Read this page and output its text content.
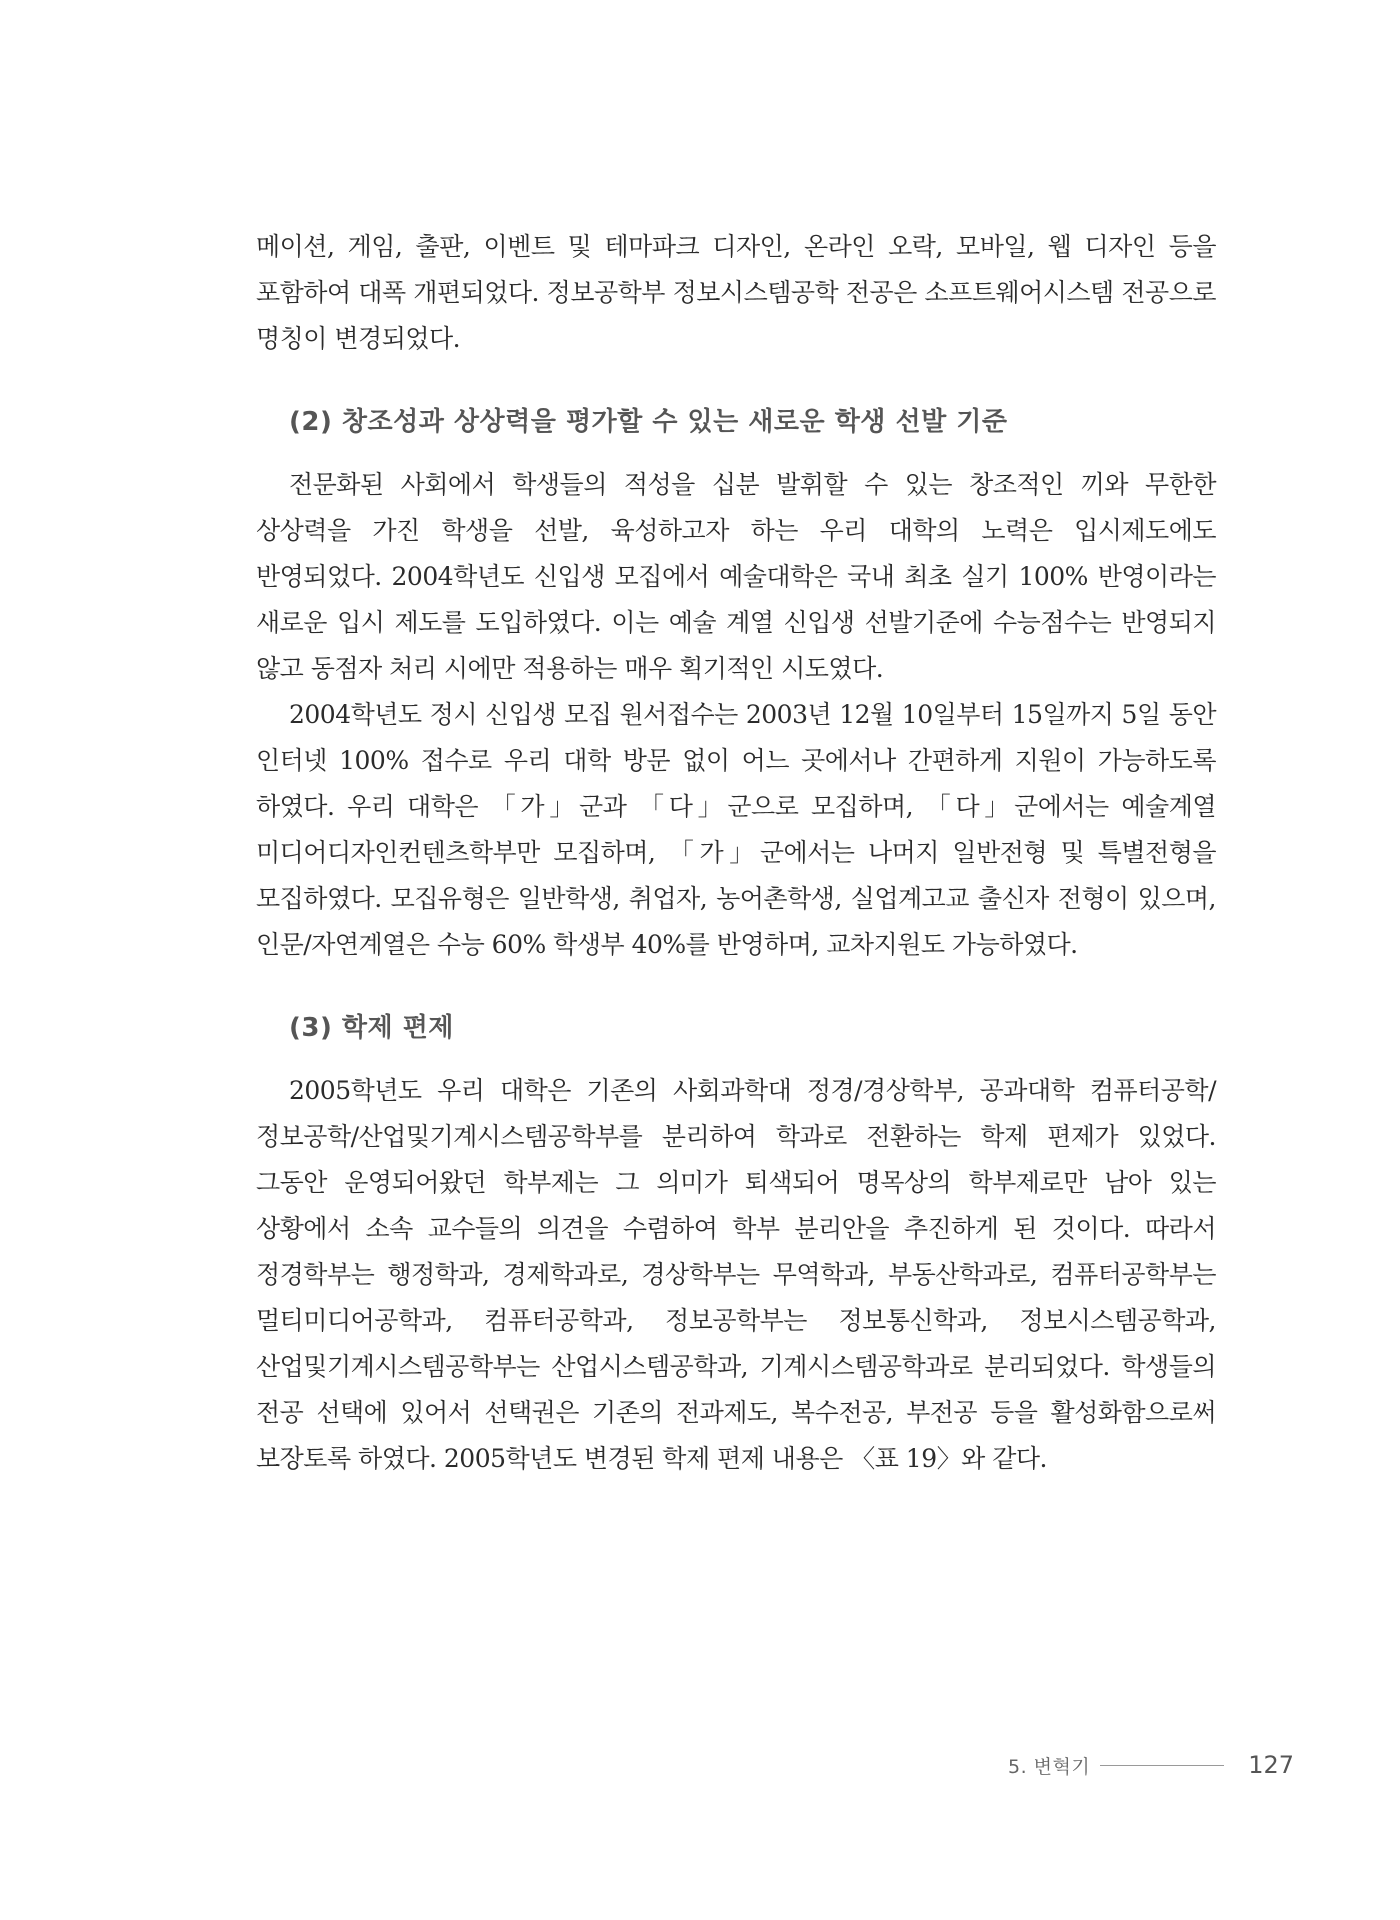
메이션, 게임, 출판, 이벤트 및 테마파크 디자인, 온라인 오락, 모바일, 웹 디자인 등을 포함하여 대폭 개편되었다. 정보공학부 정보시스템공학 전공은 소프트웨어시스템 전공으로 명칭이 변경되었다.

(2) 창조성과 상상력을 평가할 수 있는 새로운 학생 선발 기준

전문화된 사회에서 학생들의 적성을 십분 발휘할 수 있는 창조적인 끼와 무한한 상상력을 가진 학생을 선발, 육성하고자 하는 우리 대학의 노력은 입시제도에도 반영되었다. 2004학년도 신입생 모집에서 예술대학은 국내 최초 실기 100% 반영이라는 새로운 입시 제도를 도입하였다. 이는 예술 계열 신입생 선발기준에 수능점수는 반영되지 않고 동점자 처리 시에만 적용하는 매우 획기적인 시도였다.

2004학년도 정시 신입생 모집 원서접수는 2003년 12월 10일부터 15일까지 5일 동안 인터넷 100% 접수로 우리 대학 방문 없이 어느 곳에서나 간편하게 지원이 가능하도록 하였다. 우리 대학은 「가」군과 「다」군으로 모집하며, 「다」군에서는 예술계열 미디어디자인컨텐츠학부만 모집하며, 「가」군에서는 나머지 일반전형 및 특별전형을 모집하였다. 모집유형은 일반학생, 취업자, 농어촌학생, 실업계고교 출신자 전형이 있으며, 인문/자연계열은 수능 60% 학생부 40%를 반영하며, 교차지원도 가능하였다.

(3) 학제 편제

2005학년도 우리 대학은 기존의 사회과학대 정경/경상학부, 공과대학 컴퓨터공학/정보공학/산업및기계시스템공학부를 분리하여 학과로 전환하는 학제 편제가 있었다. 그동안 운영되어왔던 학부제는 그 의미가 퇴색되어 명목상의 학부제로만 남아 있는 상황에서 소속 교수들의 의견을 수렴하여 학부 분리안을 추진하게 된 것이다. 따라서 정경학부는 행정학과, 경제학과로, 경상학부는 무역학과, 부동산학과로, 컴퓨터공학부는 멀티미디어공학과, 컴퓨터공학과, 정보공학부는 정보통신학과, 정보시스템공학과, 산업및기계시스템공학부는 산업시스템공학과, 기계시스템공학과로 분리되었다. 학생들의 전공 선택에 있어서 선택권은 기존의 전과제도, 복수전공, 부전공 등을 활성화함으로써 보장토록 하였다. 2005학년도 변경된 학제 편제 내용은 〈표 19〉와 같다.

5. 변혁기	127
